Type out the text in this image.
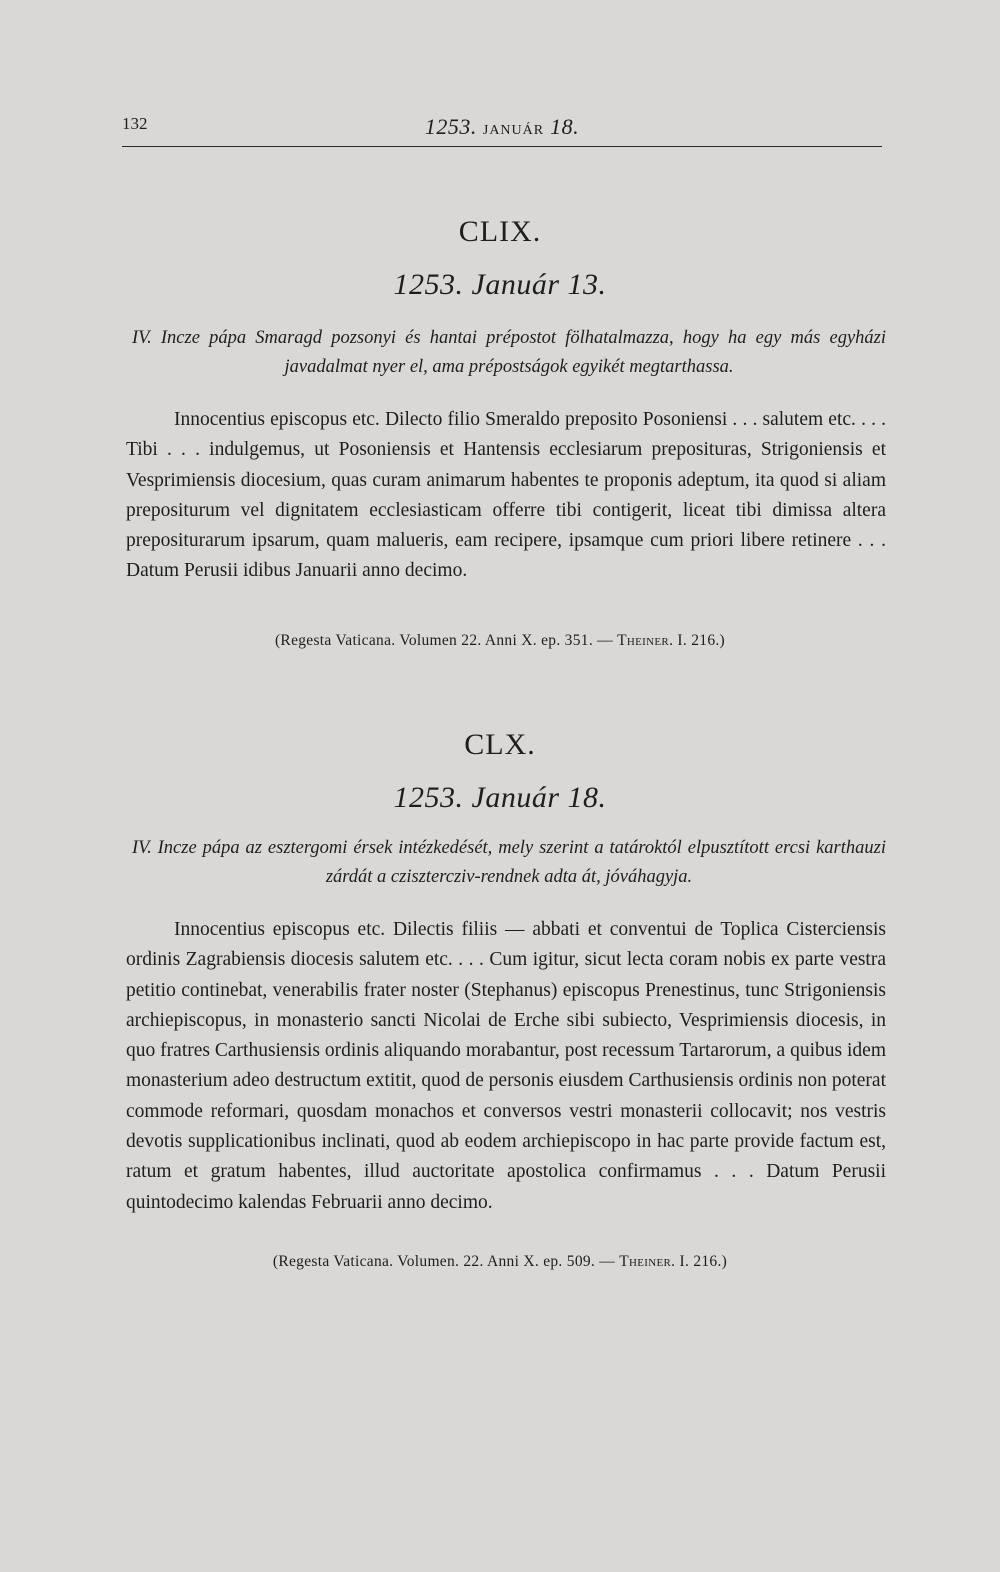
132	1253. JANUÁR 18.
CLIX.
1253. Január 13.
IV. Incze pápa Smaragd pozsonyi és hantai prépostot fölhatalmazza, hogy ha egy más egyházi javadalmat nyer el, ama prépostságok egyikét megtarthassa.
Innocentius episcopus etc. Dilecto filio Smeraldo preposito Posoniensi . . . salutem etc. . . . Tibi . . . indulgemus, ut Posoniensis et Hantensis ecclesiarum preposituras, Strigoniensis et Vesprimiensis diocesium, quas curam animarum habentes te proponis adeptum, ita quod si aliam prepositurum vel dignitatem ecclesiasticam offerre tibi contigerit, liceat tibi dimissa altera prepositurarum ipsarum, quam malueris, eam recipere, ipsamque cum priori libere retinere . . . Datum Perusii idibus Januarii anno decimo.
(Regesta Vaticana. Volumen 22. Anni X. ep. 351. — Theiner. I. 216.)
CLX.
1253. Január 18.
IV. Incze pápa az esztergomi érsek intézkedését, mely szerint a tatároktól elpusztított ercsi karthauzi zárdát a czisztercziv-rendnek adta át, jóváhagyja.
Innocentius episcopus etc. Dilectis filiis — abbati et conventui de Toplica Cisterciensis ordinis Zagrabiensis diocesis salutem etc. . . . Cum igitur, sicut lecta coram nobis ex parte vestra petitio continebat, venerabilis frater noster (Stephanus) episcopus Prenestinus, tunc Strigoniensis archiepiscopus, in monasterio sancti Nicolai de Erche sibi subiecto, Vesprimiensis diocesis, in quo fratres Carthusiensis ordinis aliquando morabantur, post recessum Tartarorum, a quibus idem monasterium adeo destructum extitit, quod de personis eiusdem Carthusiensis ordinis non poterat commode reformari, quosdam monachos et conversos vestri monasterii collocavit; nos vestris devotis supplicationibus inclinati, quod ab eodem archiepiscopo in hac parte provide factum est, ratum et gratum habentes, illud auctoritate apostolica confirmamus . . . Datum Perusii quintodecimo kalendas Februarii anno decimo.
(Regesta Vaticana. Volumen. 22. Anni X. ep. 509. — Theiner. I. 216.)
